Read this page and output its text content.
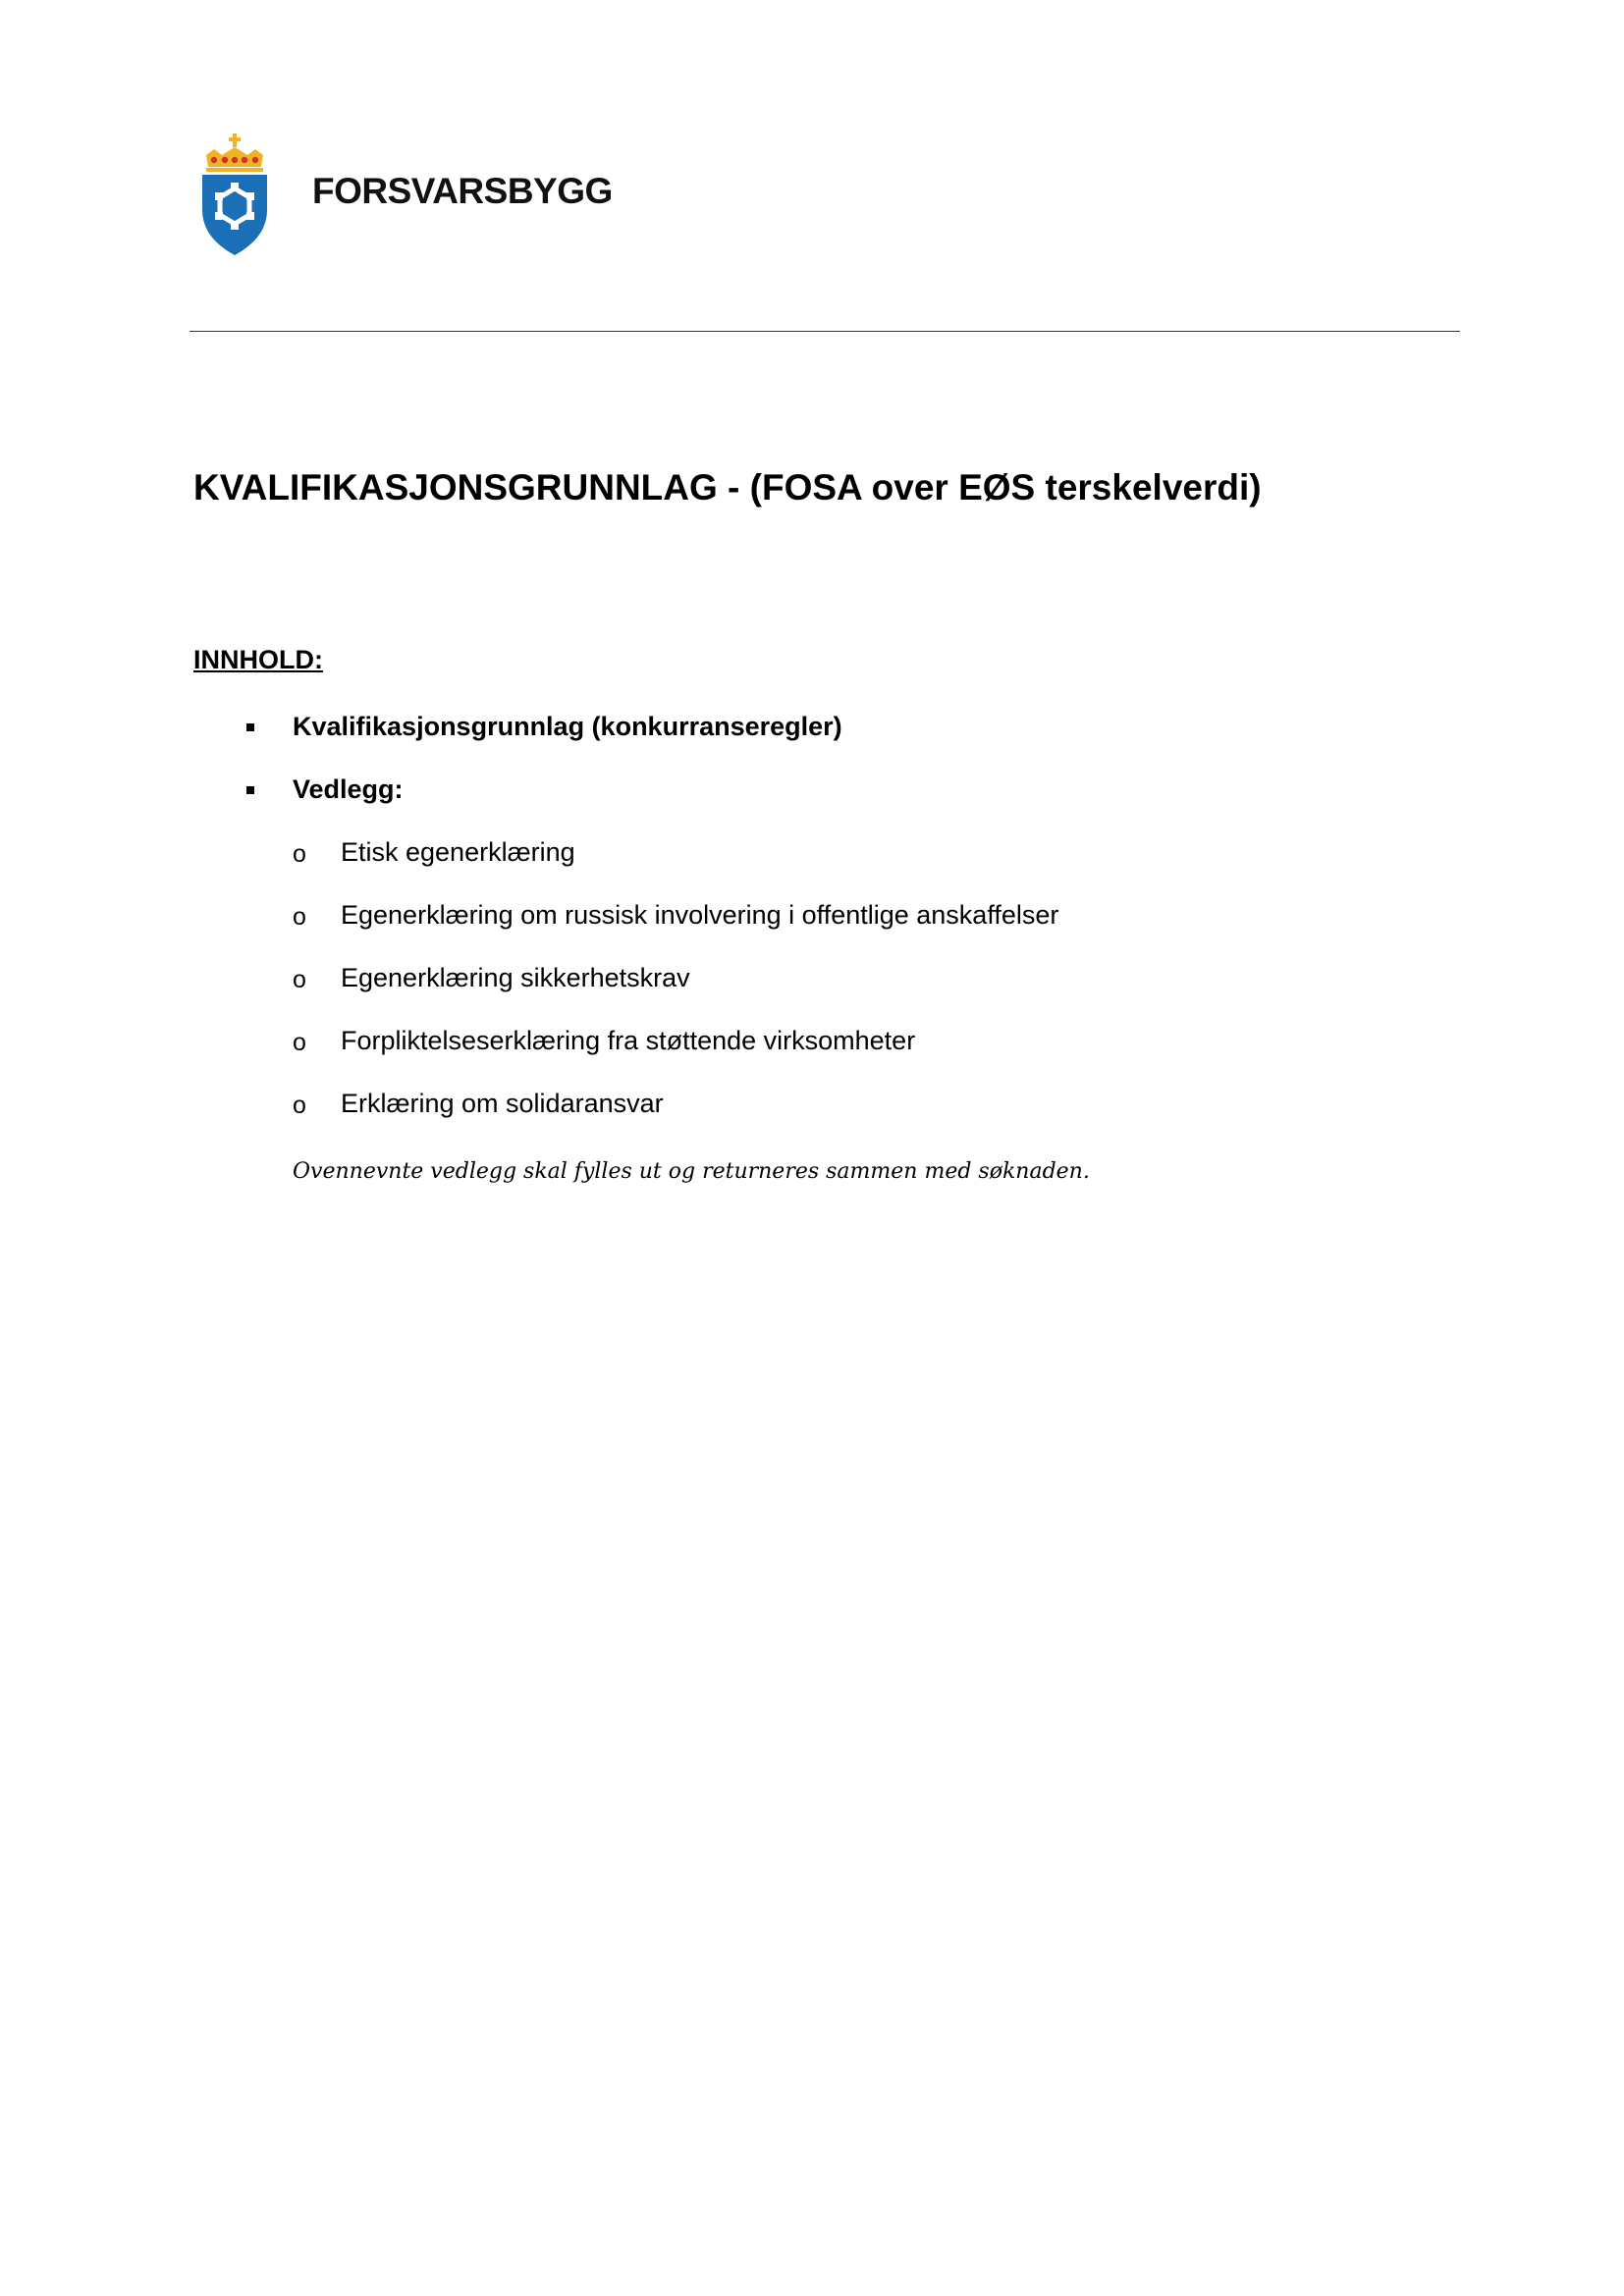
FORSVARSBYGG
KVALIFIKASJONSGRUNNLAG - (FOSA over EØS terskelverdi)
INNHOLD:
Kvalifikasjonsgrunnlag (konkurranseregler)
Vedlegg:
o Etisk egenerklæring
o Egenerklæring om russisk involvering i offentlige anskaffelser
o Egenerklæring sikkerhetskrav
o Forpliktelseserklæring fra støttende virksomheter
o Erklæring om solidaransvar
Ovennevnte vedlegg skal fylles ut og returneres sammen med søknaden.
